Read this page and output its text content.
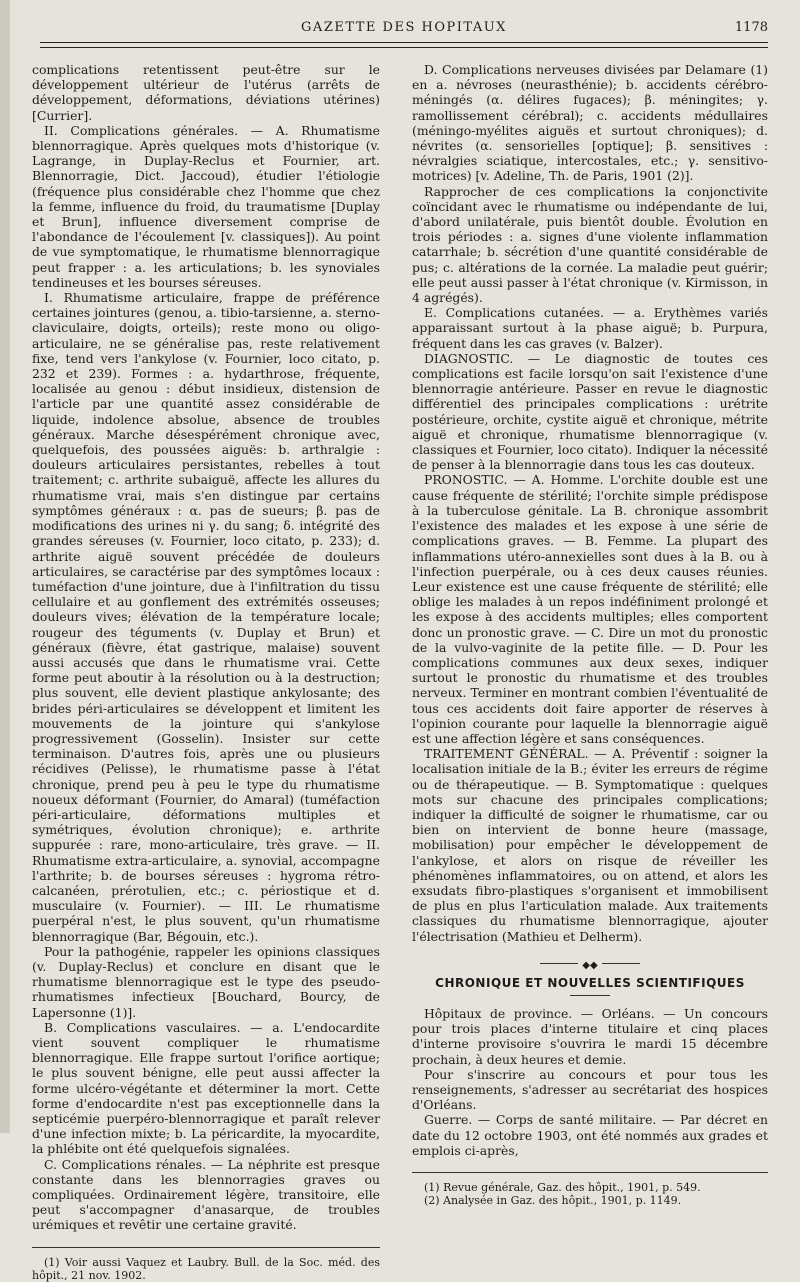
GAZETTE DES HOPITAUX	1178

complications retentissent peut-être sur le développement ultérieur de l'utérus (arrêts de développement, déformations, déviations utérines) [Currier].

II. Complications générales. — A. Rhumatisme blennorragique. Après quelques mots d'historique (v. Lagrange, in Duplay-Reclus et Fournier, art. Blennorragie, Dict. Jaccoud), étudier l'étiologie (fréquence plus considérable chez l'homme que chez la femme, influence du froid, du traumatisme [Duplay et Brun], influence diversement comprise de l'abondance de l'écoulement [v. classiques]). Au point de vue symptomatique, le rhumatisme blennorragique peut frapper : a. les articulations; b. les synoviales tendineuses et les bourses séreuses.

I. Rhumatisme articulaire, frappe de préférence certaines jointures (genou, a. tibio-tarsienne, a. sterno-claviculaire, doigts, orteils); reste mono ou oligo-articulaire, ne se généralise pas, reste relativement fixe, tend vers l'ankylose (v. Fournier, loco citato, p. 232 et 239). Formes : a. hydarthrose, fréquente, localisée au genou : début insidieux, distension de l'article par une quantité assez considérable de liquide, indolence absolue, absence de troubles généraux. Marche désespérément chronique avec, quelquefois, des poussées aiguës: b. arthralgie : douleurs articulaires persistantes, rebelles à tout traitement; c. arthrite subaiguë, affecte les allures du rhumatisme vrai, mais s'en distingue par certains symptômes généraux : α. pas de sueurs; β. pas de modifications des urines ni γ. du sang; δ. intégrité des grandes séreuses (v. Fournier, loco citato, p. 233); d. arthrite aiguë souvent précédée de douleurs articulaires, se caractérise par des symptômes locaux : tuméfaction d'une jointure, due à l'infiltration du tissu cellulaire et au gonflement des extrémités osseuses; douleurs vives; élévation de la température locale; rougeur des téguments (v. Duplay et Brun) et généraux (fièvre, état gastrique, malaise) souvent aussi accusés que dans le rhumatisme vrai. Cette forme peut aboutir à la résolution ou à la destruction; plus souvent, elle devient plastique ankylosante; des brides péri-articulaires se développent et limitent les mouvements de la jointure qui s'ankylose progressivement (Gosselin). Insister sur cette terminaison. D'autres fois, après une ou plusieurs récidives (Pelisse), le rhumatisme passe à l'état chronique, prend peu à peu le type du rhumatisme noueux déformant (Fournier, do Amaral) (tuméfaction péri-articulaire, déformations multiples et symétriques, évolution chronique); e. arthrite suppurée : rare, mono-articulaire, très grave. — II. Rhumatisme extra-articulaire, a. synovial, accompagne l'arthrite; b. de bourses séreuses : hygroma rétro-calcanéen, prérotulien, etc.; c. périostique et d. musculaire (v. Fournier). — III. Le rhumatisme puerpéral n'est, le plus souvent, qu'un rhumatisme blennorragique (Bar, Bégouin, etc.).

Pour la pathogénie, rappeler les opinions classiques (v. Duplay-Reclus) et conclure en disant que le rhumatisme blennorragique est le type des pseudo-rhumatismes infectieux [Bouchard, Bourcy, de Lapersonne (1)].

B. Complications vasculaires. — a. L'endocardite vient souvent compliquer le rhumatisme blennorragique. Elle frappe surtout l'orifice aortique; le plus souvent bénigne, elle peut aussi affecter la forme ulcéro-végétante et déterminer la mort. Cette forme d'endocardite n'est pas exceptionnelle dans la septicémie puerpéro-blennorragique et paraît relever d'une infection mixte; b. La péricardite, la myocardite, la phlébite ont été quelquefois signalées.

C. Complications rénales. — La néphrite est presque constante dans les blennorragies graves ou compliquées. Ordinairement légère, transitoire, elle peut s'accompagner d'anasarque, de troubles urémiques et revêtir une certaine gravité.

(1) Voir aussi Vaquez et Laubry. Bull. de la Soc. méd. des hôpit., 21 nov. 1902.

D. Complications nerveuses divisées par Delamare (1) en a. névroses (neurasthénie); b. accidents cérébro-méningés (α. délires fugaces); β. méningites; γ. ramollissement cérébral); c. accidents médullaires (méningo-myélites aiguës et surtout chroniques); d. névrites (α. sensorielles [optique]; β. sensitives : névralgies sciatique, intercostales, etc.; γ. sensitivo-motrices) [v. Adeline, Th. de Paris, 1901 (2)].

Rapprocher de ces complications la conjonctivite coïncidant avec le rhumatisme ou indépendante de lui, d'abord unilatérale, puis bientôt double. Évolution en trois périodes : a. signes d'une violente inflammation catarrhale; b. sécrétion d'une quantité considérable de pus; c. altérations de la cornée. La maladie peut guérir; elle peut aussi passer à l'état chronique (v. Kirmisson, in 4 agrégés).

E. Complications cutanées. — a. Erythèmes variés apparaissant surtout à la phase aiguë; b. Purpura, fréquent dans les cas graves (v. Balzer).

DIAGNOSTIC. — Le diagnostic de toutes ces complications est facile lorsqu'on sait l'existence d'une blennorragie antérieure. Passer en revue le diagnostic différentiel des principales complications : urétrite postérieure, orchite, cystite aiguë et chronique, métrite aiguë et chronique, rhumatisme blennorragique (v. classiques et Fournier, loco citato). Indiquer la nécessité de penser à la blennorragie dans tous les cas douteux.

PRONOSTIC. — A. Homme. L'orchite double est une cause fréquente de stérilité; l'orchite simple prédispose à la tuberculose génitale. La B. chronique assombrit l'existence des malades et les expose à une série de complications graves. — B. Femme. La plupart des inflammations utéro-annexielles sont dues à la B. ou à l'infection puerpérale, ou à ces deux causes réunies. Leur existence est une cause fréquente de stérilité; elle oblige les malades à un repos indéfiniment prolongé et les expose à des accidents multiples; elles comportent donc un pronostic grave. — C. Dire un mot du pronostic de la vulvo-vaginite de la petite fille. — D. Pour les complications communes aux deux sexes, indiquer surtout le pronostic du rhumatisme et des troubles nerveux. Terminer en montrant combien l'éventualité de tous ces accidents doit faire apporter de réserves à l'opinion courante pour laquelle la blennorragie aiguë est une affection légère et sans conséquences.

TRAITEMENT GÉNÉRAL. — A. Préventif : soigner la localisation initiale de la B.; éviter les erreurs de régime ou de thérapeutique. — B. Symptomatique : quelques mots sur chacune des principales complications; indiquer la difficulté de soigner le rhumatisme, car ou bien on intervient de bonne heure (massage, mobilisation) pour empêcher le développement de l'ankylose, et alors on risque de réveiller les phénomènes inflammatoires, ou on attend, et alors les exsudats fibro-plastiques s'organisent et immobilisent de plus en plus l'articulation malade. Aux traitements classiques du rhumatisme blennorragique, ajouter l'électrisation (Mathieu et Delherm).

◆◆
CHRONIQUE ET NOUVELLES SCIENTIFIQUES

Hôpitaux de province. — Orléans. — Un concours pour trois places d'interne titulaire et cinq places d'interne provisoire s'ouvrira le mardi 15 décembre prochain, à deux heures et demie.

Pour s'inscrire au concours et pour tous les renseignements, s'adresser au secrétariat des hospices d'Orléans.

Guerre. — Corps de santé militaire. — Par décret en date du 12 octobre 1903, ont été nommés aux grades et emplois ci-après,

(1) Revue générale, Gaz. des hôpit., 1901, p. 549.

(2) Analysée in Gaz. des hôpit., 1901, p. 1149.
